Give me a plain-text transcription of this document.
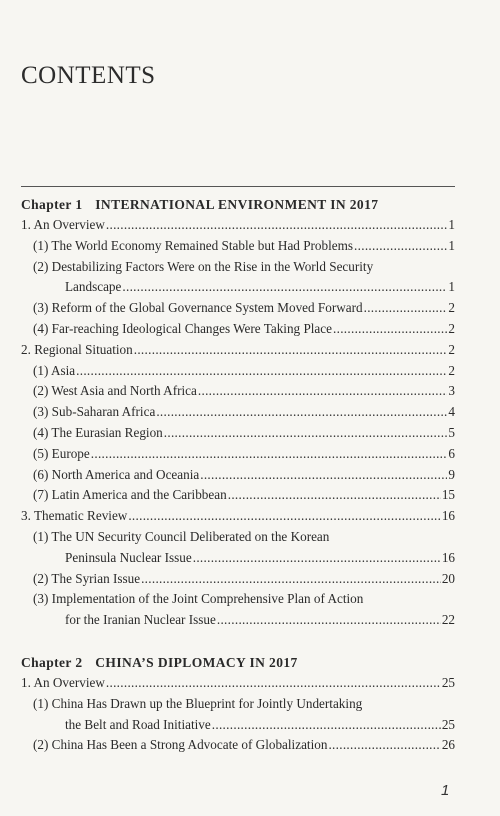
CONTENTS
Chapter 1 INTERNATIONAL ENVIRONMENT IN 2017
1. An Overview .....	1
(1) The World Economy Remained Stable but Had Problems .....	1
(2) Destabilizing Factors Were on the Rise in the World Security
Landscape .....	1
(3) Reform of the Global Governance System Moved Forward .....	2
(4) Far-reaching Ideological Changes Were Taking Place .....	2
2. Regional Situation .....	2
(1) Asia .....	2
(2) West Asia and North Africa .....	3
(3) Sub-Saharan Africa .....	4
(4) The Eurasian Region .....	5
(5) Europe .....	6
(6) North America and Oceania .....	9
(7) Latin America and the Caribbean .....	15
3. Thematic Review .....	16
(1) The UN Security Council Deliberated on the Korean
Peninsula Nuclear Issue .....	16
(2) The Syrian Issue .....	20
(3) Implementation of the Joint Comprehensive Plan of Action
for the Iranian Nuclear Issue .....	22
Chapter 2 CHINA’S DIPLOMACY IN 2017
1. An Overview .....	25
(1) China Has Drawn up the Blueprint for Jointly Undertaking
the Belt and Road Initiative .....	25
(2) China Has Been a Strong Advocate of Globalization .....	26
1
